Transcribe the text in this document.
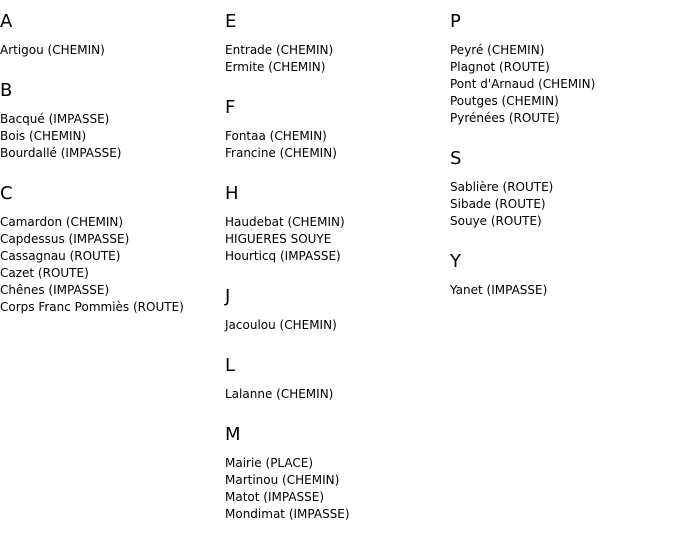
A
Artigou (CHEMIN)
B
Bacqué (IMPASSE)
Bois (CHEMIN)
Bourdallé (IMPASSE)
C
Camardon (CHEMIN)
Capdessus (IMPASSE)
Cassagnau (ROUTE)
Cazet (ROUTE)
Chênes (IMPASSE)
Corps Franc Pommiès (ROUTE)
E
Entrade (CHEMIN)
Ermite (CHEMIN)
F
Fontaa (CHEMIN)
Francine (CHEMIN)
H
Haudebat (CHEMIN)
HIGUERES SOUYE
Hourticq (IMPASSE)
J
Jacoulou (CHEMIN)
L
Lalanne (CHEMIN)
M
Mairie (PLACE)
Martinou (CHEMIN)
Matot (IMPASSE)
Mondimat (IMPASSE)
P
Peyré (CHEMIN)
Plagnot (ROUTE)
Pont d'Arnaud (CHEMIN)
Poutges (CHEMIN)
Pyrénées (ROUTE)
S
Sablière (ROUTE)
Sibade (ROUTE)
Souye (ROUTE)
Y
Yanet (IMPASSE)
